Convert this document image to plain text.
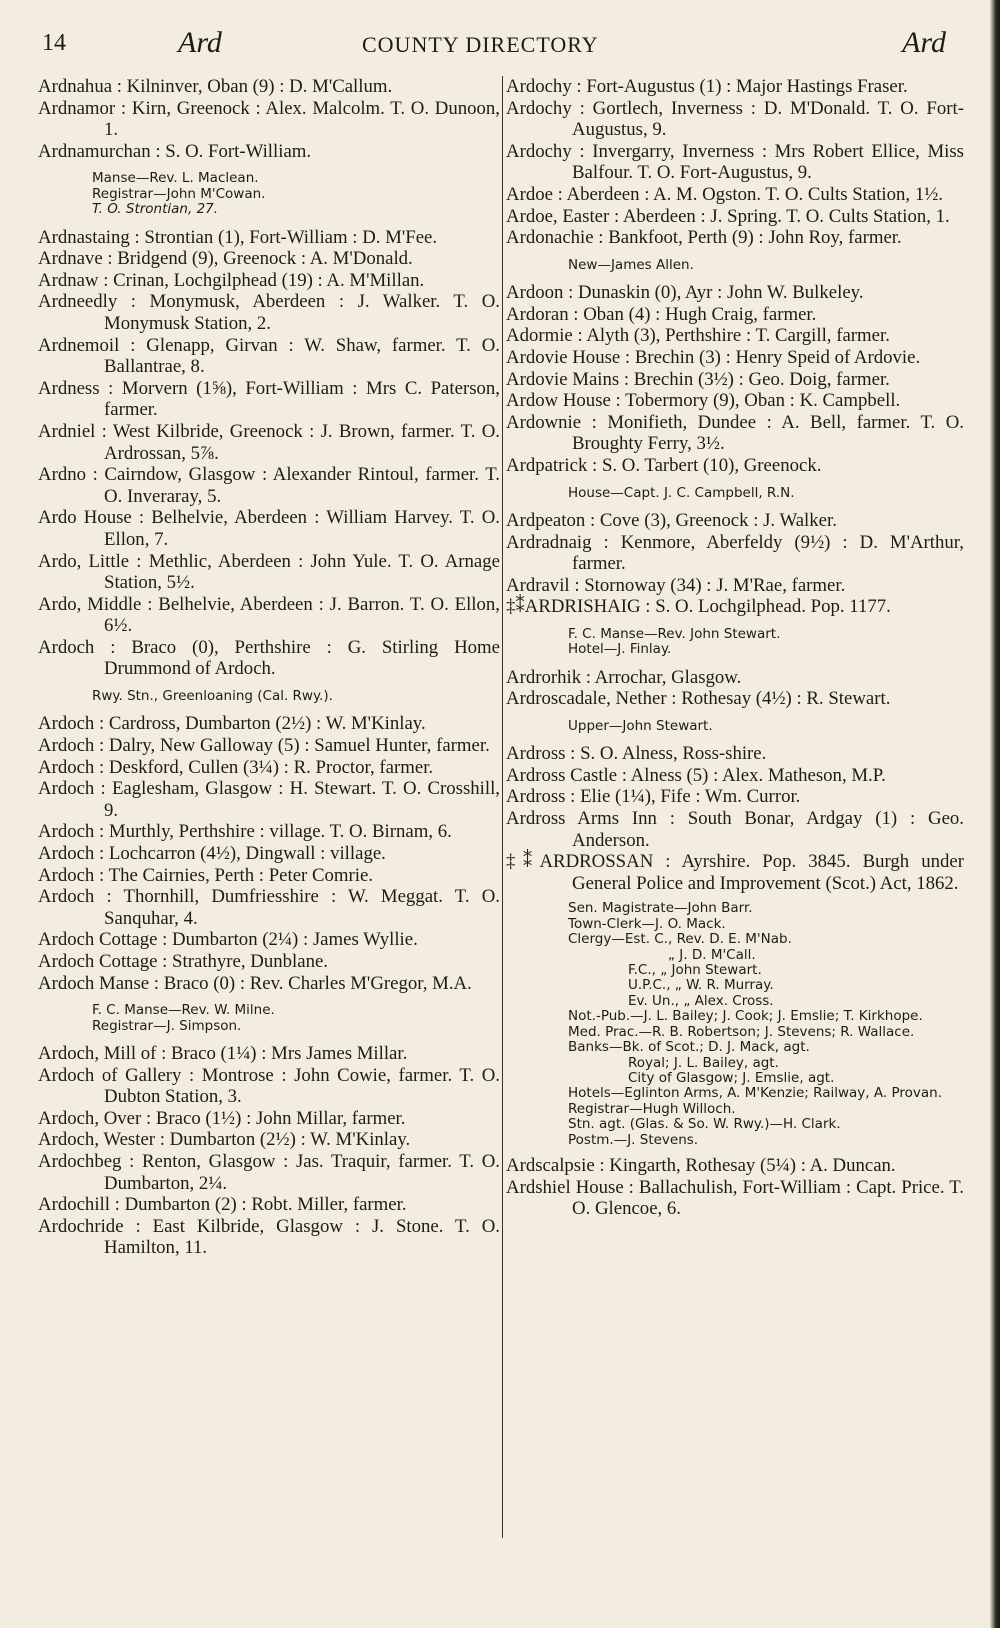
14	Ard	COUNTY DIRECTORY	Ard
Ardnahua : Kilninver, Oban (9) : D. M'Callum.
Ardnamor : Kirn, Greenock : Alex. Malcolm. T. O. Dunoon, 1.
Ardnamurchan : S. O. Fort-William.
Manse—Rev. L. Maclean.
Registrar—John M'Cowan.
T. O. Strontian, 27.
Ardnastaing : Strontian (1), Fort-William : D. M'Fee.
Ardnave : Bridgend (9), Greenock : A. M'Donald.
Ardnaw : Crinan, Lochgilphead (19) : A. M'Millan.
Ardneedly : Monymusk, Aberdeen : J. Walker. T. O. Monymusk Station, 2.
Ardnemoil : Glenapp, Girvan : W. Shaw, farmer. T. O. Ballantrae, 8.
Ardness : Morvern (1⅝), Fort-William : Mrs C. Paterson, farmer.
Ardniel : West Kilbride, Greenock : J. Brown, farmer. T. O. Ardrossan, 5⅞.
Ardno : Cairndow, Glasgow : Alexander Rintoul, farmer. T. O. Inveraray, 5.
Ardo House : Belhelvie, Aberdeen : William Harvey. T. O. Ellon, 7.
Ardo, Little : Methlic, Aberdeen : John Yule. T. O. Arnage Station, 5½.
Ardo, Middle : Belhelvie, Aberdeen : J. Barron. T. O. Ellon, 6½.
Ardoch : Braco (0), Perthshire : G. Stirling Home Drummond of Ardoch.
Rwy. Stn., Greenloaning (Cal. Rwy.).
Ardoch : Cardross, Dumbarton (2½) : W. M'Kinlay.
Ardoch : Dalry, New Galloway (5) : Samuel Hunter, farmer.
Ardoch : Deskford, Cullen (3¼) : R. Proctor, farmer.
Ardoch : Eaglesham, Glasgow : H. Stewart. T. O. Crosshill, 9.
Ardoch : Murthly, Perthshire : village. T. O. Birnam, 6.
Ardoch : Lochcarron (4½), Dingwall : village.
Ardoch : The Cairnies, Perth : Peter Comrie.
Ardoch : Thornhill, Dumfriesshire : W. Meggat. T. O. Sanquhar, 4.
Ardoch Cottage : Dumbarton (2¼) : James Wyllie.
Ardoch Cottage : Strathyre, Dunblane.
Ardoch Manse : Braco (0) : Rev. Charles M'Gregor, M.A.
F. C. Manse—Rev. W. Milne.
Registrar—J. Simpson.
Ardoch, Mill of : Braco (1¼) : Mrs James Millar.
Ardoch of Gallery : Montrose : John Cowie, farmer. T. O. Dubton Station, 3.
Ardoch, Over : Braco (1½) : John Millar, farmer.
Ardoch, Wester : Dumbarton (2½) : W. M'Kinlay.
Ardochbeg : Renton, Glasgow : Jas. Traquir, farmer. T. O. Dumbarton, 2¼.
Ardochill : Dumbarton (2) : Robt. Miller, farmer.
Ardochride : East Kilbride, Glasgow : J. Stone. T. O. Hamilton, 11.
Ardochy : Fort-Augustus (1) : Major Hastings Fraser.
Ardochy : Gortlech, Inverness : D. M'Donald. T. O. Fort-Augustus, 9.
Ardochy : Invergarry, Inverness : Mrs Robert Ellice, Miss Balfour. T. O. Fort-Augustus, 9.
Ardoe : Aberdeen : A. M. Ogston. T. O. Cults Station, 1½.
Ardoe, Easter : Aberdeen : J. Spring. T. O. Cults Station, 1.
Ardonachie : Bankfoot, Perth (9) : John Roy, farmer.
New—James Allen.
Ardoon : Dunaskin (0), Ayr : John W. Bulkeley.
Ardoran : Oban (4) : Hugh Craig, farmer.
Adormie : Alyth (3), Perthshire : T. Cargill, farmer.
Ardovie House : Brechin (3) : Henry Speid of Ardovie.
Ardovie Mains : Brechin (3½) : Geo. Doig, farmer.
Ardow House : Tobermory (9), Oban : K. Campbell.
Ardownie : Monifieth, Dundee : A. Bell, farmer. T. O. Broughty Ferry, 3½.
Ardpatrick : S. O. Tarbert (10), Greenock.
House—Capt. J. C. Campbell, R.N.
Ardpeaton : Cove (3), Greenock : J. Walker.
Ardradnaig : Kenmore, Aberfeldy (9½) : D. M'Arthur, farmer.
Ardravil : Stornoway (34) : J. M'Rae, farmer.
‡⁑ARDRISHAIG : S. O. Lochgilphead. Pop. 1177.
F. C. Manse—Rev. John Stewart.
Hotel—J. Finlay.
Ardrorhik : Arrochar, Glasgow.
Ardroscadale, Nether : Rothesay (4½) : R. Stewart.
Upper—John Stewart.
Ardross : S. O. Alness, Ross-shire.
Ardross Castle : Alness (5) : Alex. Matheson, M.P.
Ardross : Elie (1¼), Fife : Wm. Curror.
Ardross Arms Inn : South Bonar, Ardgay (1) : Geo. Anderson.
‡⁑ARDROSSAN : Ayrshire. Pop. 3845. Burgh under General Police and Improvement (Scot.) Act, 1862.
Sen. Magistrate—John Barr.
Town-Clerk—J. O. Mack.
Clergy—Est. C., Rev. D. E. M'Nab.
„ J. D. M'Call.
F.C., „ John Stewart.
U.P.C., „ W. R. Murray.
Ev. Un., „ Alex. Cross.
Not.-Pub.—J. L. Bailey; J. Cook; J. Emslie; T. Kirkhope.
Med. Prac.—R. B. Robertson; J. Stevens; R. Wallace.
Banks—Bk. of Scot.; D. J. Mack, agt.
Royal; J. L. Bailey, agt.
City of Glasgow; J. Emslie, agt.
Hotels—Eglinton Arms, A. M'Kenzie; Railway, A. Provan.
Registrar—Hugh Willoch.
Stn. agt. (Glas. & So. W. Rwy.)—H. Clark.
Postm.—J. Stevens.
Ardscalpsie : Kingarth, Rothesay (5¼) : A. Duncan.
Ardshiel House : Ballachulish, Fort-William : Capt. Price. T. O. Glencoe, 6.
